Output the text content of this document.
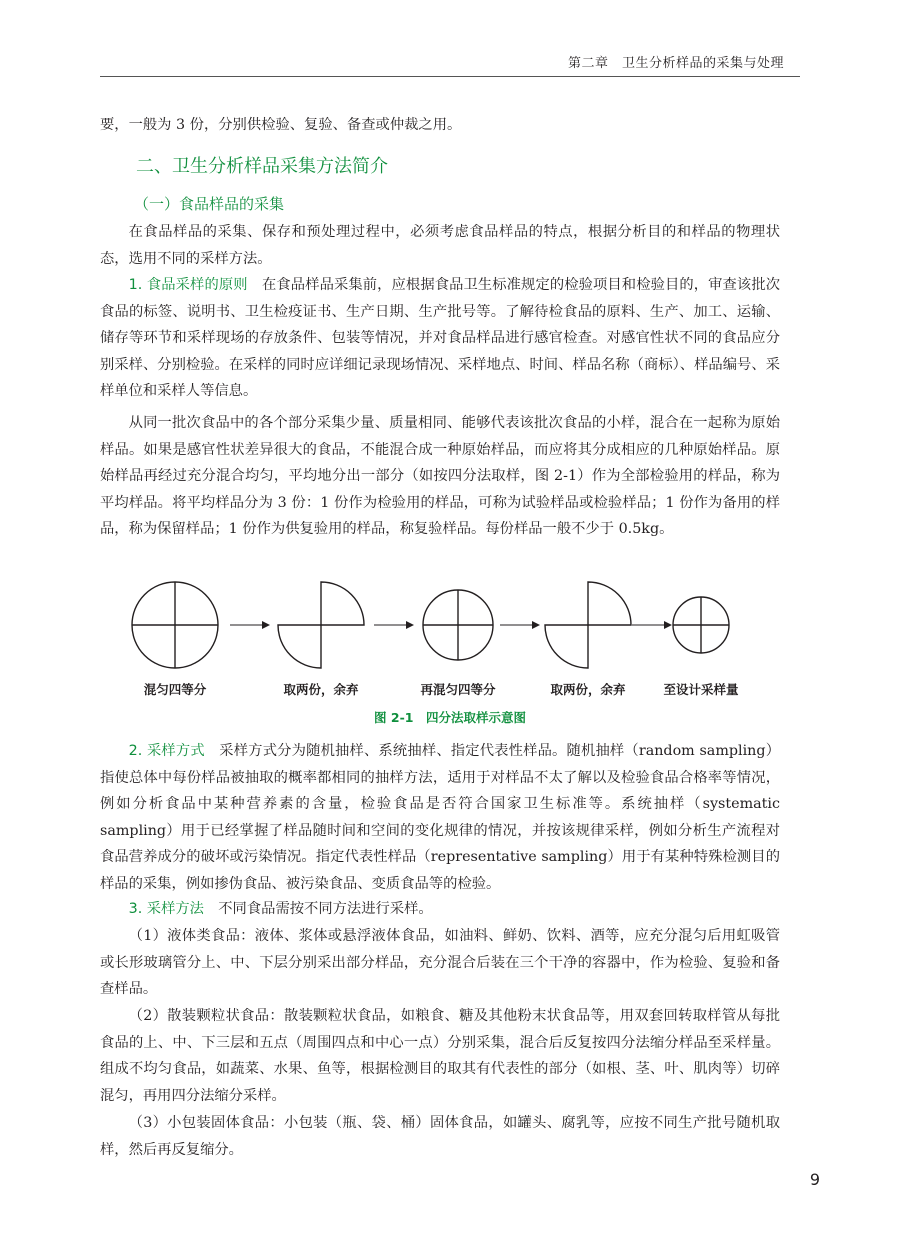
第二章　卫生分析样品的采集与处理

要，一般为 3 份，分别供检验、复验、备查或仲裁之用。

二、卫生分析样品采集方法简介
（一）食品样品的采集

在食品样品的采集、保存和预处理过程中，必须考虑食品样品的特点，根据分析目的和样品的物理状态，选用不同的采样方法。

1. 食品采样的原则　在食品样品采集前，应根据食品卫生标准规定的检验项目和检验目的，审查该批次食品的标签、说明书、卫生检疫证书、生产日期、生产批号等。了解待检食品的原料、生产、加工、运输、储存等环节和采样现场的存放条件、包装等情况，并对食品样品进行感官检查。对感官性状不同的食品应分别采样、分别检验。在采样的同时应详细记录现场情况、采样地点、时间、样品名称（商标）、样品编号、采样单位和采样人等信息。

从同一批次食品中的各个部分采集少量、质量相同、能够代表该批次食品的小样，混合在一起称为原始样品。如果是感官性状差异很大的食品，不能混合成一种原始样品，而应将其分成相应的几种原始样品。原始样品再经过充分混合均匀，平均地分出一部分（如按四分法取样，图 2-1）作为全部检验用的样品，称为平均样品。将平均样品分为 3 份：1 份作为检验用的样品，可称为试验样品或检验样品；1 份作为备用的样品，称为保留样品；1 份作为供复验用的样品，称复验样品。每份样品一般不少于 0.5kg。

混匀四等分	取两份，余弃	再混匀四等分	取两份，余弃	至设计采样量
图 2-1　四分法取样示意图

2. 采样方式　采样方式分为随机抽样、系统抽样、指定代表性样品。随机抽样（random sampling）指使总体中每份样品被抽取的概率都相同的抽样方法，适用于对样品不太了解以及检验食品合格率等情况，例如分析食品中某种营养素的含量，检验食品是否符合国家卫生标准等。系统抽样（systematic sampling）用于已经掌握了样品随时间和空间的变化规律的情况，并按该规律采样，例如分析生产流程对食品营养成分的破坏或污染情况。指定代表性样品（representative sampling）用于有某种特殊检测目的样品的采集，例如掺伪食品、被污染食品、变质食品等的检验。

3. 采样方法　不同食品需按不同方法进行采样。

（1）液体类食品：液体、浆体或悬浮液体食品，如油料、鲜奶、饮料、酒等，应充分混匀后用虹吸管或长形玻璃管分上、中、下层分别采出部分样品，充分混合后装在三个干净的容器中，作为检验、复验和备查样品。

（2）散装颗粒状食品：散装颗粒状食品，如粮食、糖及其他粉末状食品等，用双套回转取样管从每批食品的上、中、下三层和五点（周围四点和中心一点）分别采集，混合后反复按四分法缩分样品至采样量。组成不均匀食品，如蔬菜、水果、鱼等，根据检测目的取其有代表性的部分（如根、茎、叶、肌肉等）切碎混匀，再用四分法缩分采样。

（3）小包装固体食品：小包装（瓶、袋、桶）固体食品，如罐头、腐乳等，应按不同生产批号随机取样，然后再反复缩分。

9
